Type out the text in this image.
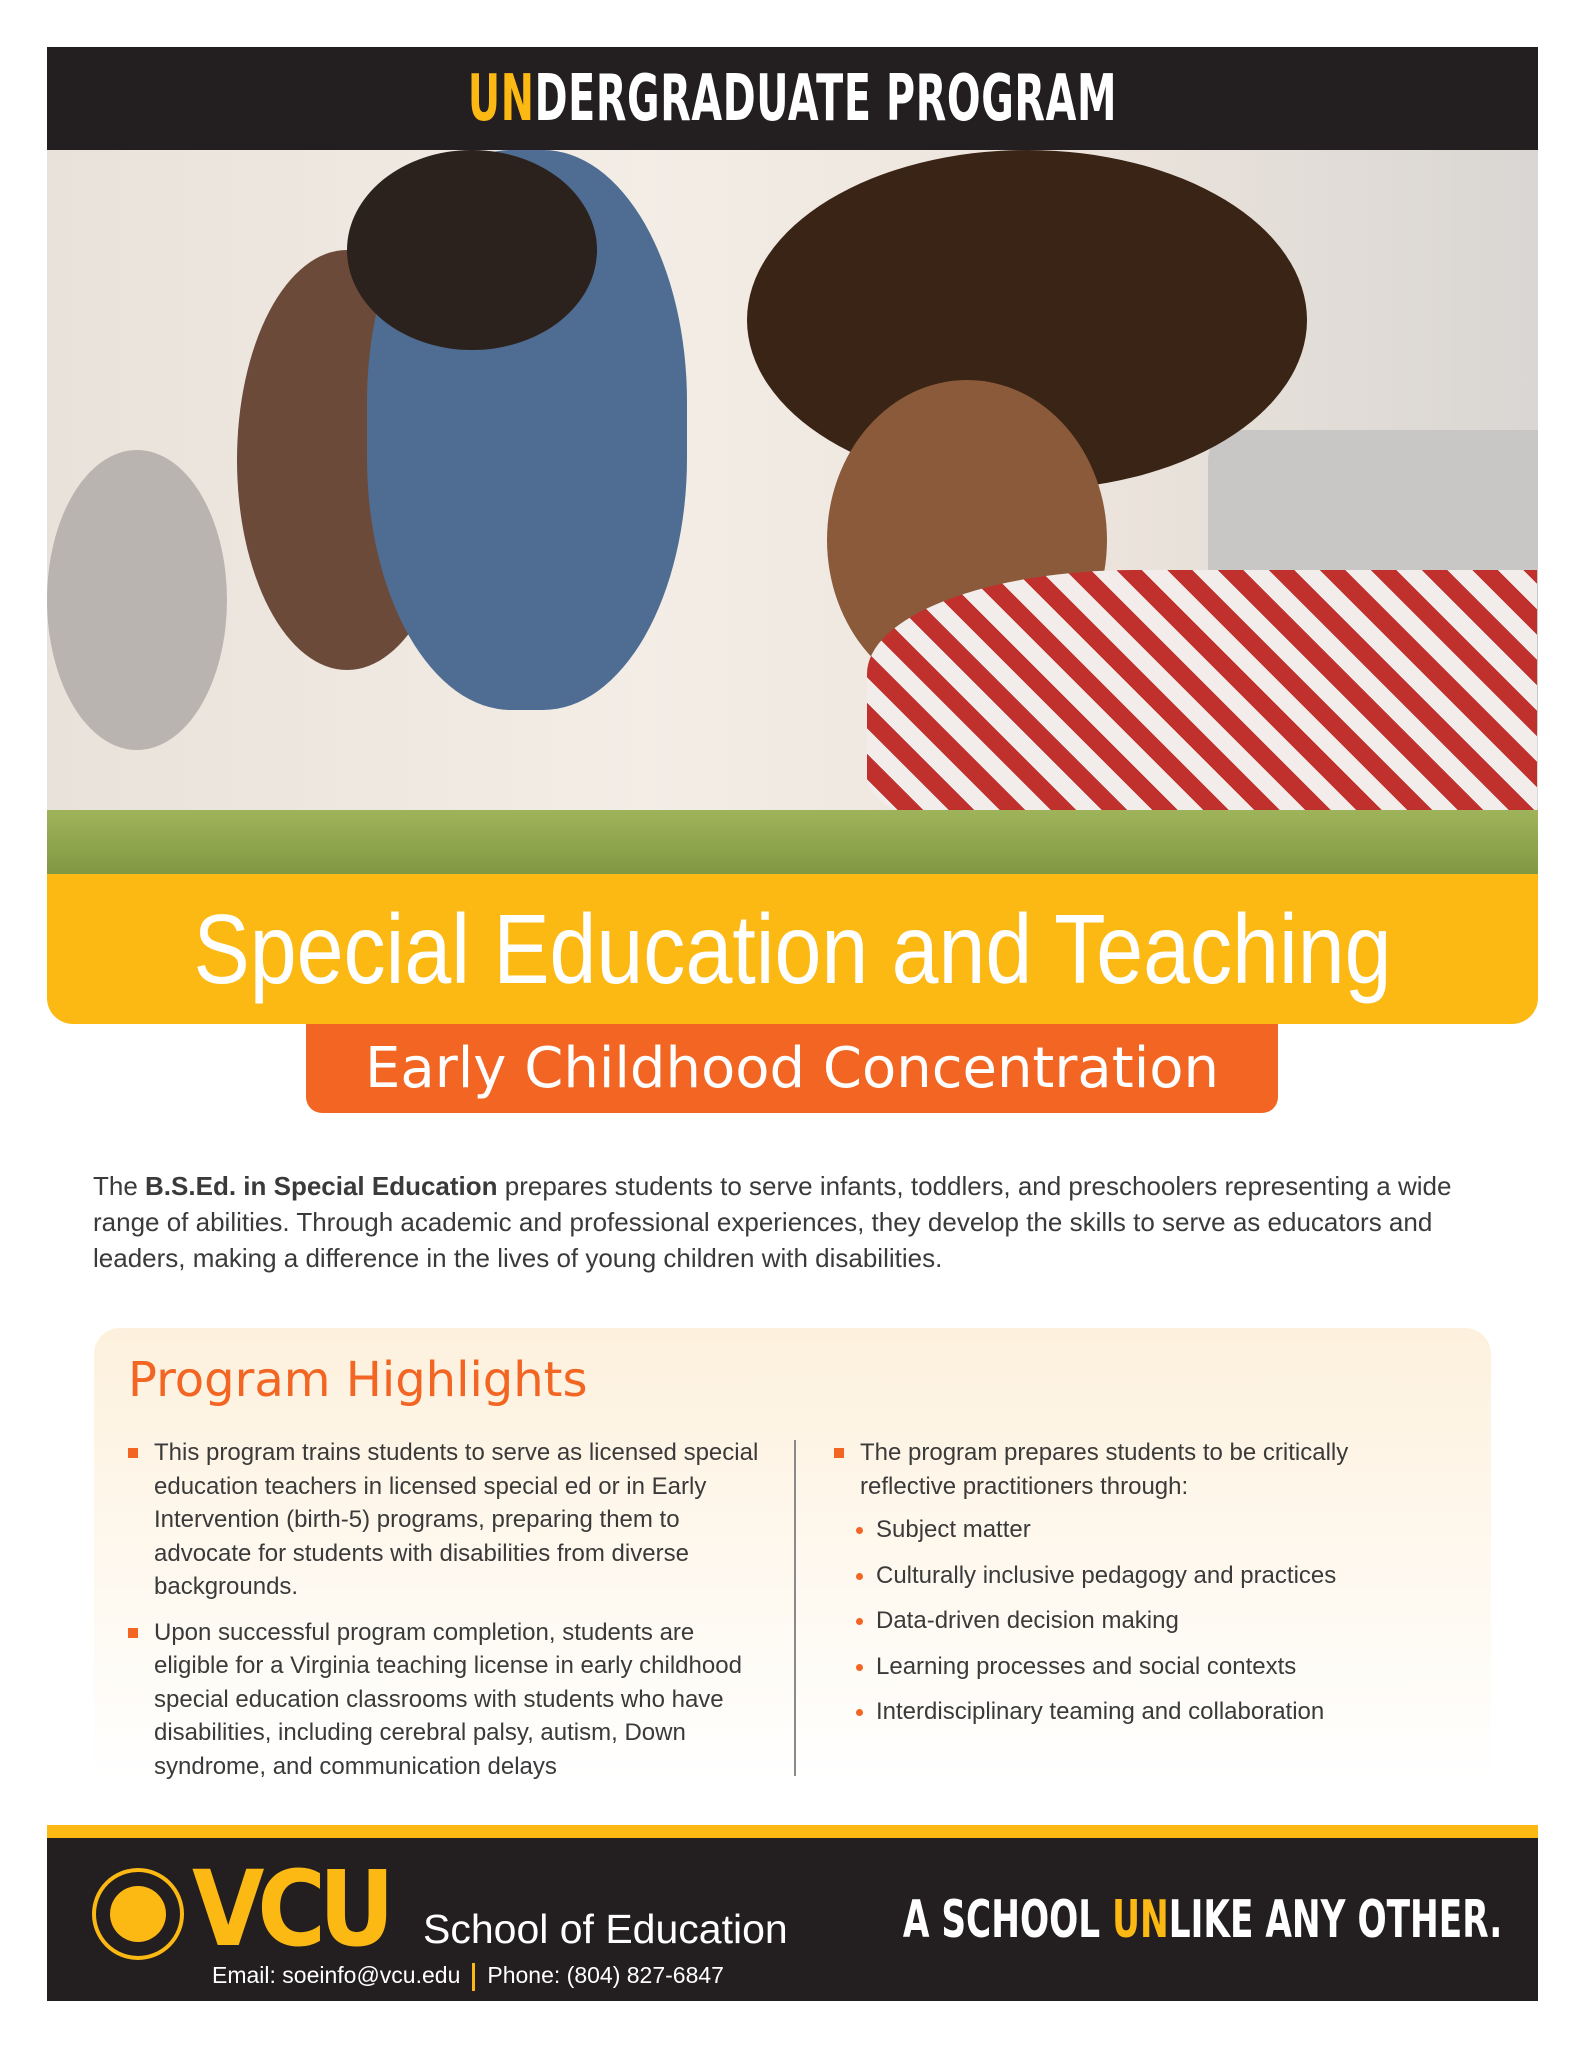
UNDERGRADUATE PROGRAM
Special Education and Teaching
Early Childhood Concentration

The B.S.Ed. in Special Education prepares students to serve infants, toddlers, and preschoolers representing a wide range of abilities. Through academic and professional experiences, they develop the skills to serve as educators and leaders, making a difference in the lives of young children with disabilities.

Program Highlights
This program trains students to serve as licensed special education teachers in licensed special ed or in Early Intervention (birth-5) programs, preparing them to advocate for students with disabilities from diverse backgrounds.
Upon successful program completion, students are eligible for a Virginia teaching license in early childhood special education classrooms with students who have disabilities, including cerebral palsy, autism, Down syndrome, and communication delays
The program prepares students to be critically reflective practitioners through:
Subject matter
Culturally inclusive pedagogy and practices
Data-driven decision making
Learning processes and social contexts
Interdisciplinary teaming and collaboration
VCU School of Education
Email: soeinfo@vcu.edu Phone: (804) 827-6847
A SCHOOL UNLIKE ANY OTHER.
